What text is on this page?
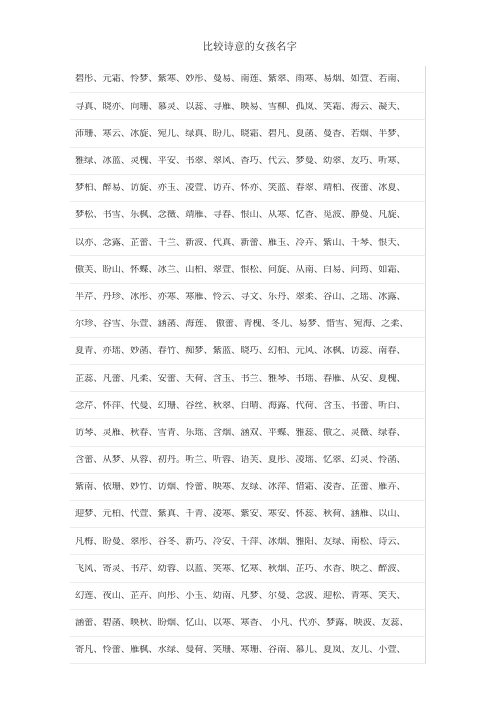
比较诗意的女孩名字
碧彤、元霜、怜梦、紫寒、妙彤、曼易、南莲、紫翠、雨寒、易烟、如萱、若南、
寻真、晓亦、向珊、慕灵、以蕊、寻雁、映易、雪柳、孤岚、笑霜、海云、凝天、
沛珊、寒云、冰旋、宛儿、绿真、盼儿、晓霜、碧凡、夏菡、曼香、若烟、半梦、
雅绿、冰蓝、灵槐、平安、书翠、翠风、香巧、代云、梦曼、幼翠、友巧、听寒、
梦柏、醉易、访旋、亦玉、凌萱、访卉、怀亦、笑蓝、春翠、靖柏、夜蕾、冰夏、
梦松、书雪、乐枫、念薇、靖雁、寻春、恨山、从寒、忆香、觅波、静曼、凡旋、
以亦、念露、芷蕾、千兰、新波、代真、新蕾、雁玉、冷卉、紫山、千琴、恨天、
傲芙、盼山、怀蝶、冰兰、山柏、翠萱、恨松、问旋、从南、白易、问筠、如霜、
半芹、丹珍、冰彤、亦寒、寒雁、怜云、寻文、乐丹、翠柔、谷山、之瑶、冰露、
尔珍、谷雪、乐萱、涵菡、海莲、 傲蕾、青槐、冬儿、易梦、惜雪、宛海、之柔、
夏青、亦瑶、妙菡、春竹、痴梦、紫蓝、晓巧、幻柏、元风、冰枫、访蕊、南春、
芷蕊、凡蕾、凡柔、安蕾、天荷、含玉、书兰、雅琴、书瑶、春雁、从安、夏槐、
念芹、怀萍、代曼、幻珊、谷丝、秋翠、白晴、海露、代荷、含玉、书蕾、听白、
访琴、灵雁、秋春、雪青、乐瑶、含烟、涵双、平蝶、雅蕊、傲之、灵薇、绿春、
含蕾、从梦、从蓉、初丹。听兰、听蓉、语芙、夏彤、凌瑶、忆翠、幻灵、怜菡、
紫南、依珊、妙竹、访烟、怜蕾、映寒、友绿、冰萍、惜霜、凌香、芷蕾、雁卉、
迎梦、元柏、代萱、紫真、千青、凌寒、紫安、寒安、怀蕊、秋荷、涵雁、以山、
凡梅、盼曼、翠彤、谷冬、新巧、冷安、千萍、冰烟、雅阳、友绿、南松、诗云、
飞风、寄灵、书芹、幼蓉、以蓝、笑寒、忆寒、秋烟、芷巧、水香、映之、醉波、
幻莲、夜山、芷卉、向彤、小玉、幼南、凡梦、尔曼、念波、迎松、青寒、笑天、
涵蕾、碧菡、映秋、盼烟、忆山、以寒、寒香、 小凡、代亦、梦露、映波、友蕊、
寄凡、怜蕾、雁枫、水绿、曼荷、笑珊、寒珊、谷南、慕儿、夏岚、友儿、小萱、
